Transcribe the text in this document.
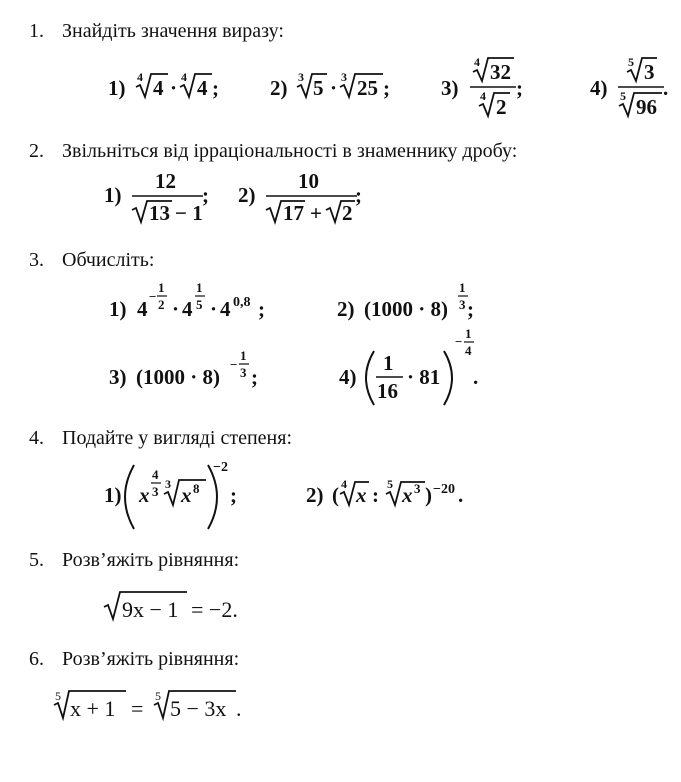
1. Знайдіть значення виразу:
2. Звільніться від ірраціональності в знаменнику дробу:
3. Обчисліть:
4. Подайте у вигляді степеня:
5. Розв’яжіть рівняння:
6. Розв’яжіть рівняння:
1) 4 4 · 4 4 ; 2) 3 5 · 3 25 ; 3)
4 32
4 2
;	4)
5 3
5 96
.
1)
12
13 − 1
; 2)
10
17 + 2
;
1) 4
−
1
2 · 4
1
5 · 4 0,8 ;	2) (1000 · 8)
1
3 ;
3) (1000 · 8)
−
1
3 ;	4)
1
16
· 81
−
1
4
.
1) x
4
3 3 x 8
−2
;	2) ( 4 x : 5 x 3 ) −20 .
9x − 1 = −2.
5 x + 1 = 5 5 − 3x .
